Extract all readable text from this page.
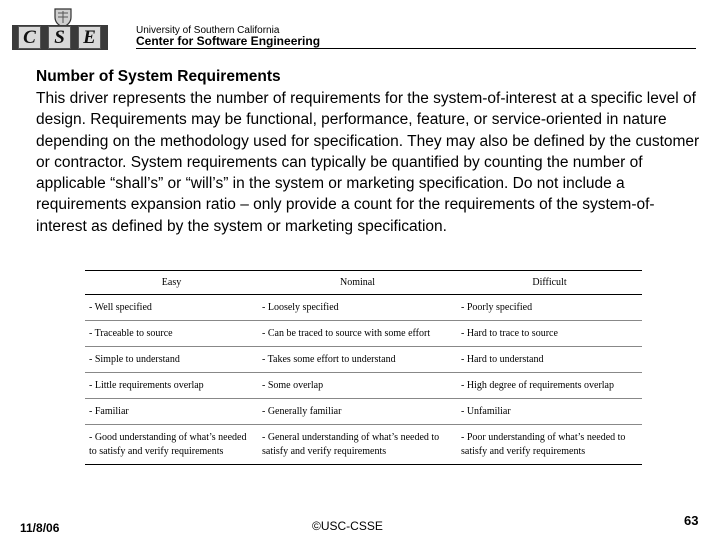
C S E	University of Southern California
Center for Software Engineering
Number of System Requirements
This driver represents the number of requirements for the system-of-interest at a specific level of design. Requirements may be functional, performance, feature, or service-oriented in nature depending on the methodology used for specification. They may also be defined by the customer or contractor. System requirements can typically be quantified by counting the number of applicable “shall’s” or “will’s” in the system or marketing specification. Do not include a requirements expansion ratio – only provide a count for the requirements of the system-of-interest as defined by the system or marketing specification.
Easy	Nominal	Difficult
- Well specified	- Loosely specified	- Poorly specified
- Traceable to source	- Can be traced to source with some effort	- Hard to trace to source
- Simple to understand	- Takes some effort to understand	- Hard to understand
- Little requirements overlap	- Some overlap	- High degree of requirements overlap
- Familiar	- Generally familiar	- Unfamiliar
- Good understanding of what’s needed to satisfy and verify requirements	- General understanding of what’s needed to satisfy and verify requirements	- Poor understanding of what’s needed to satisfy and verify requirements
11/8/06	©USC-CSSE	63
